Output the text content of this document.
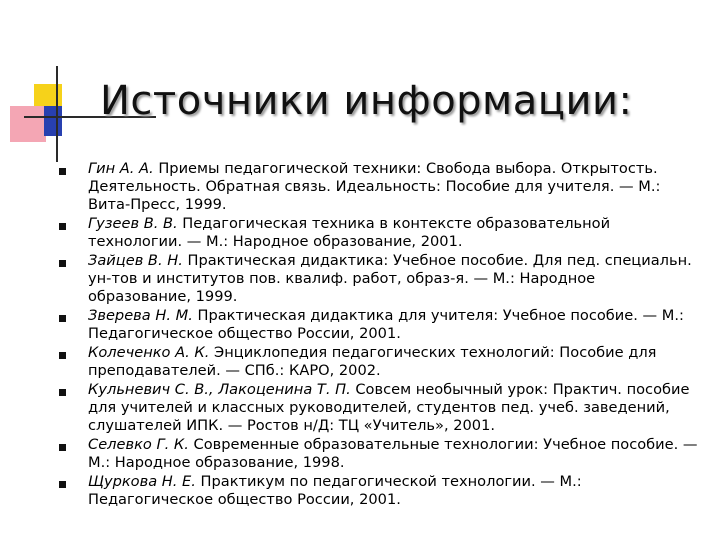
Источники информации:
Гин А. А. Приемы педагогической техники: Свобода выбора. Открытость. Деятельность. Обратная связь. Идеальность: Пособие для учителя. — М.: Вита-Пресс, 1999.
Гузеев В. В. Педагогическая техника в контексте образовательной технологии. — М.: Народное образование, 2001.
Зайцев В. Н. Практическая дидактика: Учебное пособие. Для пед. специальн. ун-тов и институтов пов. квалиф. работ, образ-я. — М.: Народное образование, 1999.
Зверева Н. М. Практическая дидактика для учителя: Учебное пособие. — М.: Педагогическое общество России, 2001.
Колеченко А. К. Энциклопедия педагогических технологий: Пособие для преподавателей. — СПб.: КАРО, 2002.
Кульневич С. В., Лакоценина Т. П. Совсем необычный урок: Практич. пособие для учителей и классных руководителей, студентов пед. учеб. заведений, слушателей ИПК. — Ростов н/Д: ТЦ «Учитель», 2001.
Селевко Г. К. Современные образовательные технологии: Учебное пособие. — М.: Народное образование, 1998.
Щуркова Н. Е. Практикум по педагогической технологии. — М.: Педагогическое общество России, 2001.
